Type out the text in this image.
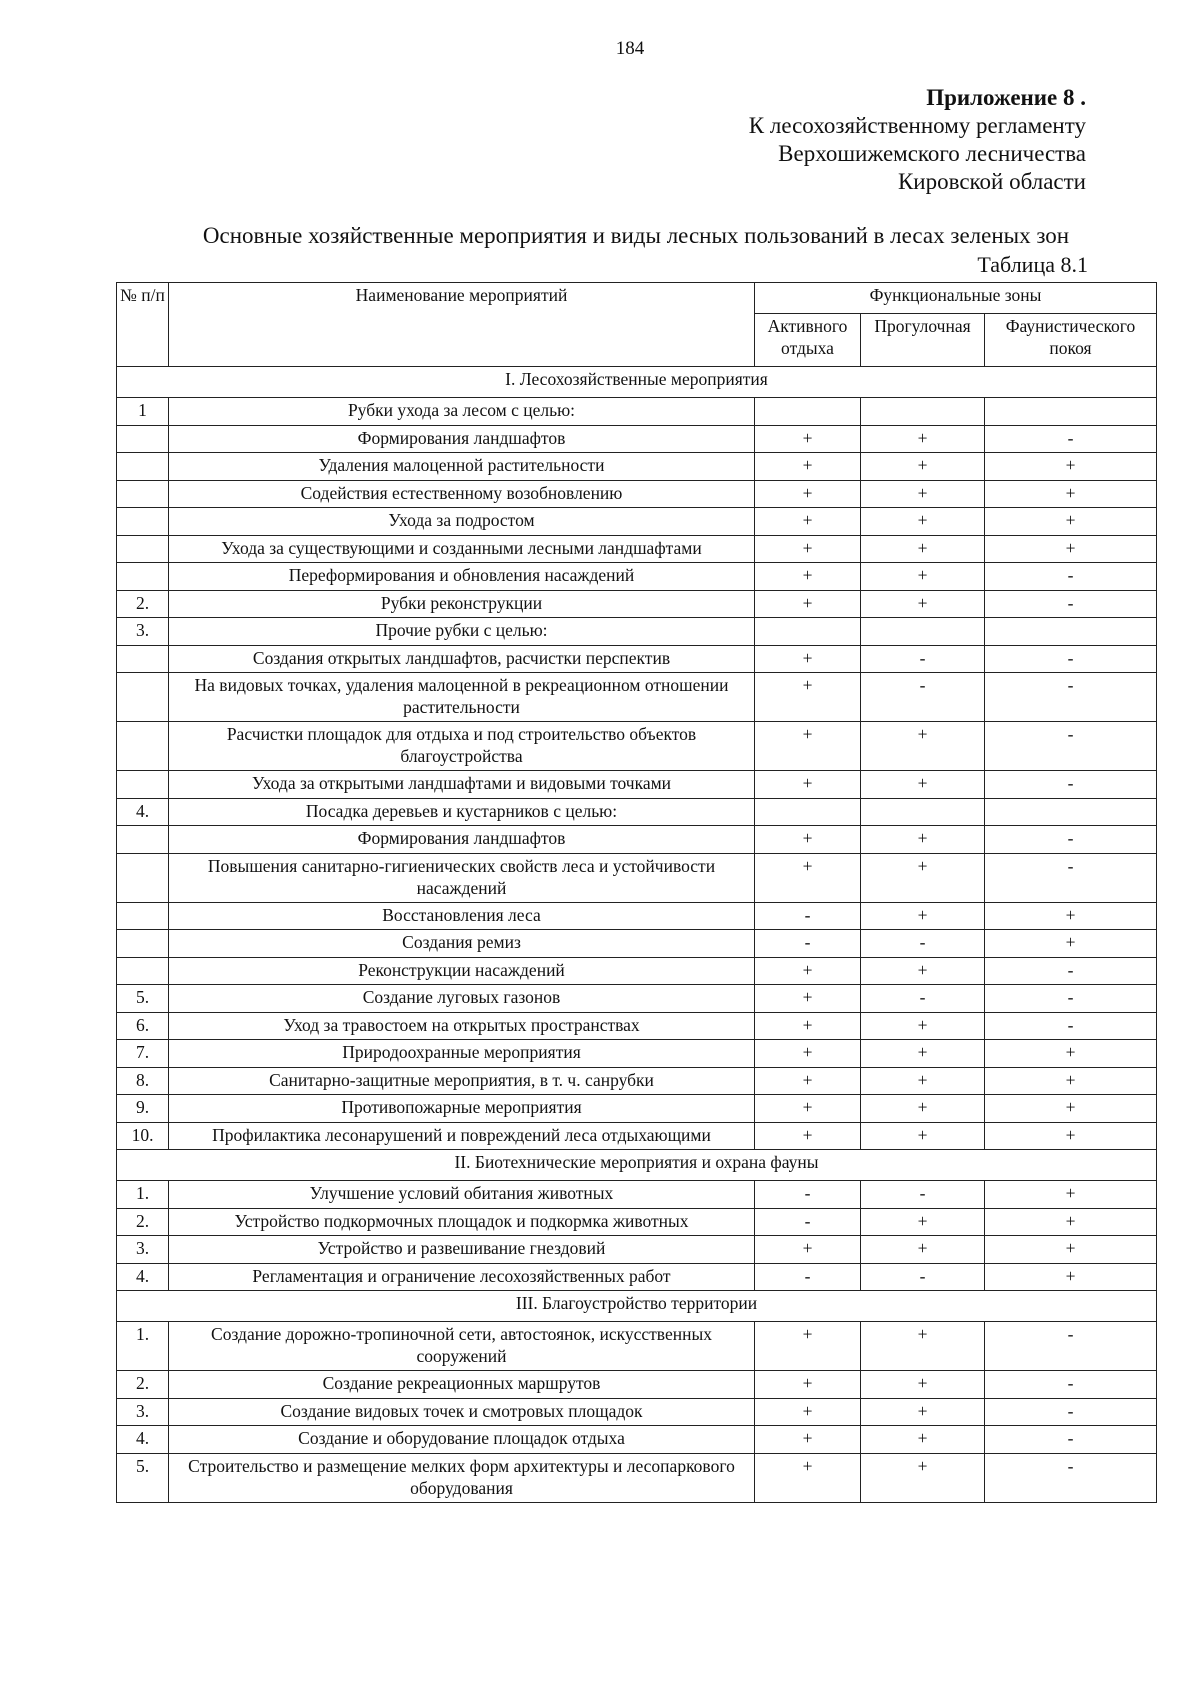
184
Приложение 8 .
К лесохозяйственному регламенту
Верхошижемского лесничества
Кировской области
Основные хозяйственные мероприятия и виды лесных пользований в лесах зеленых зон
Таблица 8.1
№ п/п	Наименование мероприятий	Функциональные зоны		
		Активного отдыха	Прогулочная	Фаунистического покоя
I. Лесохозяйственные мероприятия				
1	Рубки ухода за лесом с целью:			
	Формирования ландшафтов	+	+	-
	Удаления малоценной растительности	+	+	+
	Содействия естественному возобновлению	+	+	+
	Ухода за подростом	+	+	+
	Ухода за существующими и созданными лесными ландшафтами	+	+	+
	Переформирования и обновления насаждений	+	+	-
2.	Рубки реконструкции	+	+	-
3.	Прочие рубки с целью:			
	Создания открытых ландшафтов, расчистки перспектив	+	-	-
	На видовых точках, удаления малоценной в рекреационном отношении растительности	+	-	-
	Расчистки площадок для отдыха и под строительство объектов благоустройства	+	+	-
	Ухода за открытыми ландшафтами и видовыми точками	+	+	-
4.	Посадка деревьев и кустарников с целью:			
	Формирования ландшафтов	+	+	-
	Повышения санитарно-гигиенических свойств леса и устойчивости насаждений	+	+	-
	Восстановления леса	-	+	+
	Создания ремиз	-	-	+
	Реконструкции насаждений	+	+	-
5.	Создание луговых газонов	+	-	-
6.	Уход за травостоем на открытых пространствах	+	+	-
7.	Природоохранные мероприятия	+	+	+
8.	Санитарно-защитные мероприятия, в т. ч. санрубки	+	+	+
9.	Противопожарные мероприятия	+	+	+
10.	Профилактика лесонарушений и повреждений леса отдыхающими	+	+	+
II. Биотехнические мероприятия и охрана фауны				
1.	Улучшение условий обитания животных	-	-	+
2.	Устройство подкормочных площадок и подкормка животных	-	+	+
3.	Устройство и развешивание гнездовий	+	+	+
4.	Регламентация и ограничение лесохозяйственных работ	-	-	+
III. Благоустройство территории				
1.	Создание дорожно-тропиночной сети, автостоянок, искусственных сооружений	+	+	-
2.	Создание рекреационных маршрутов	+	+	-
3.	Создание видовых точек и смотровых площадок	+	+	-
4.	Создание и оборудование площадок отдыха	+	+	-
5.	Строительство и размещение мелких форм архитектуры и лесопаркового оборудования	+	+	-
